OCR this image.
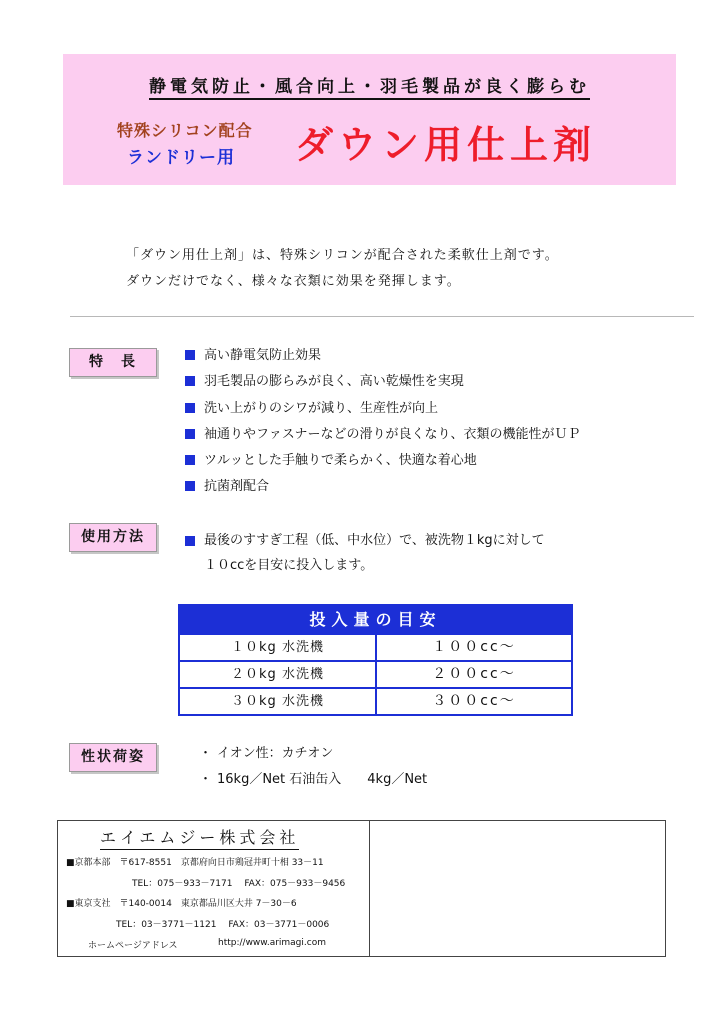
静電気防止・風合向上・羽毛製品が良く膨らむ
特殊シリコン配合
ランドリー用 ダウン用仕上剤
「ダウン用仕上剤」は、特殊シリコンが配合された柔軟仕上剤です。
ダウンだけでなく、様々な衣類に効果を発揮します。
特　長	高い静電気防止効果
羽毛製品の膨らみが良く、高い乾燥性を実現
洗い上がりのシワが減り、生産性が向上
袖通りやファスナーなどの滑りが良くなり、衣類の機能性がＵＰ
ツルッとした手触りで柔らかく、快適な着心地
抗菌剤配合
使用方法	最後のすすぎ工程（低、中水位）で、被洗物１kgに対して
１０ccを目安に投入します。
投入量の目安
１０kg 水洗機	１００cc〜
２０kg 水洗機	２００cc〜
３０kg 水洗機	３００cc〜
性状荷姿	・ イオン性：カチオン
・ 16kg／Net 石油缶入　　4kg／Net
エイエムジー株式会社
■京都本部　〒617-8551　京都府向日市鶏冠井町十相 33－11
TEL：075－933－7171　 FAX：075－933－9456
■東京支社　〒140-0014　東京都品川区大井 7－30－6
TEL：03－3771－1121　 FAX：03－3771－0006
ホームページアドレス	http://www.arimagi.com
